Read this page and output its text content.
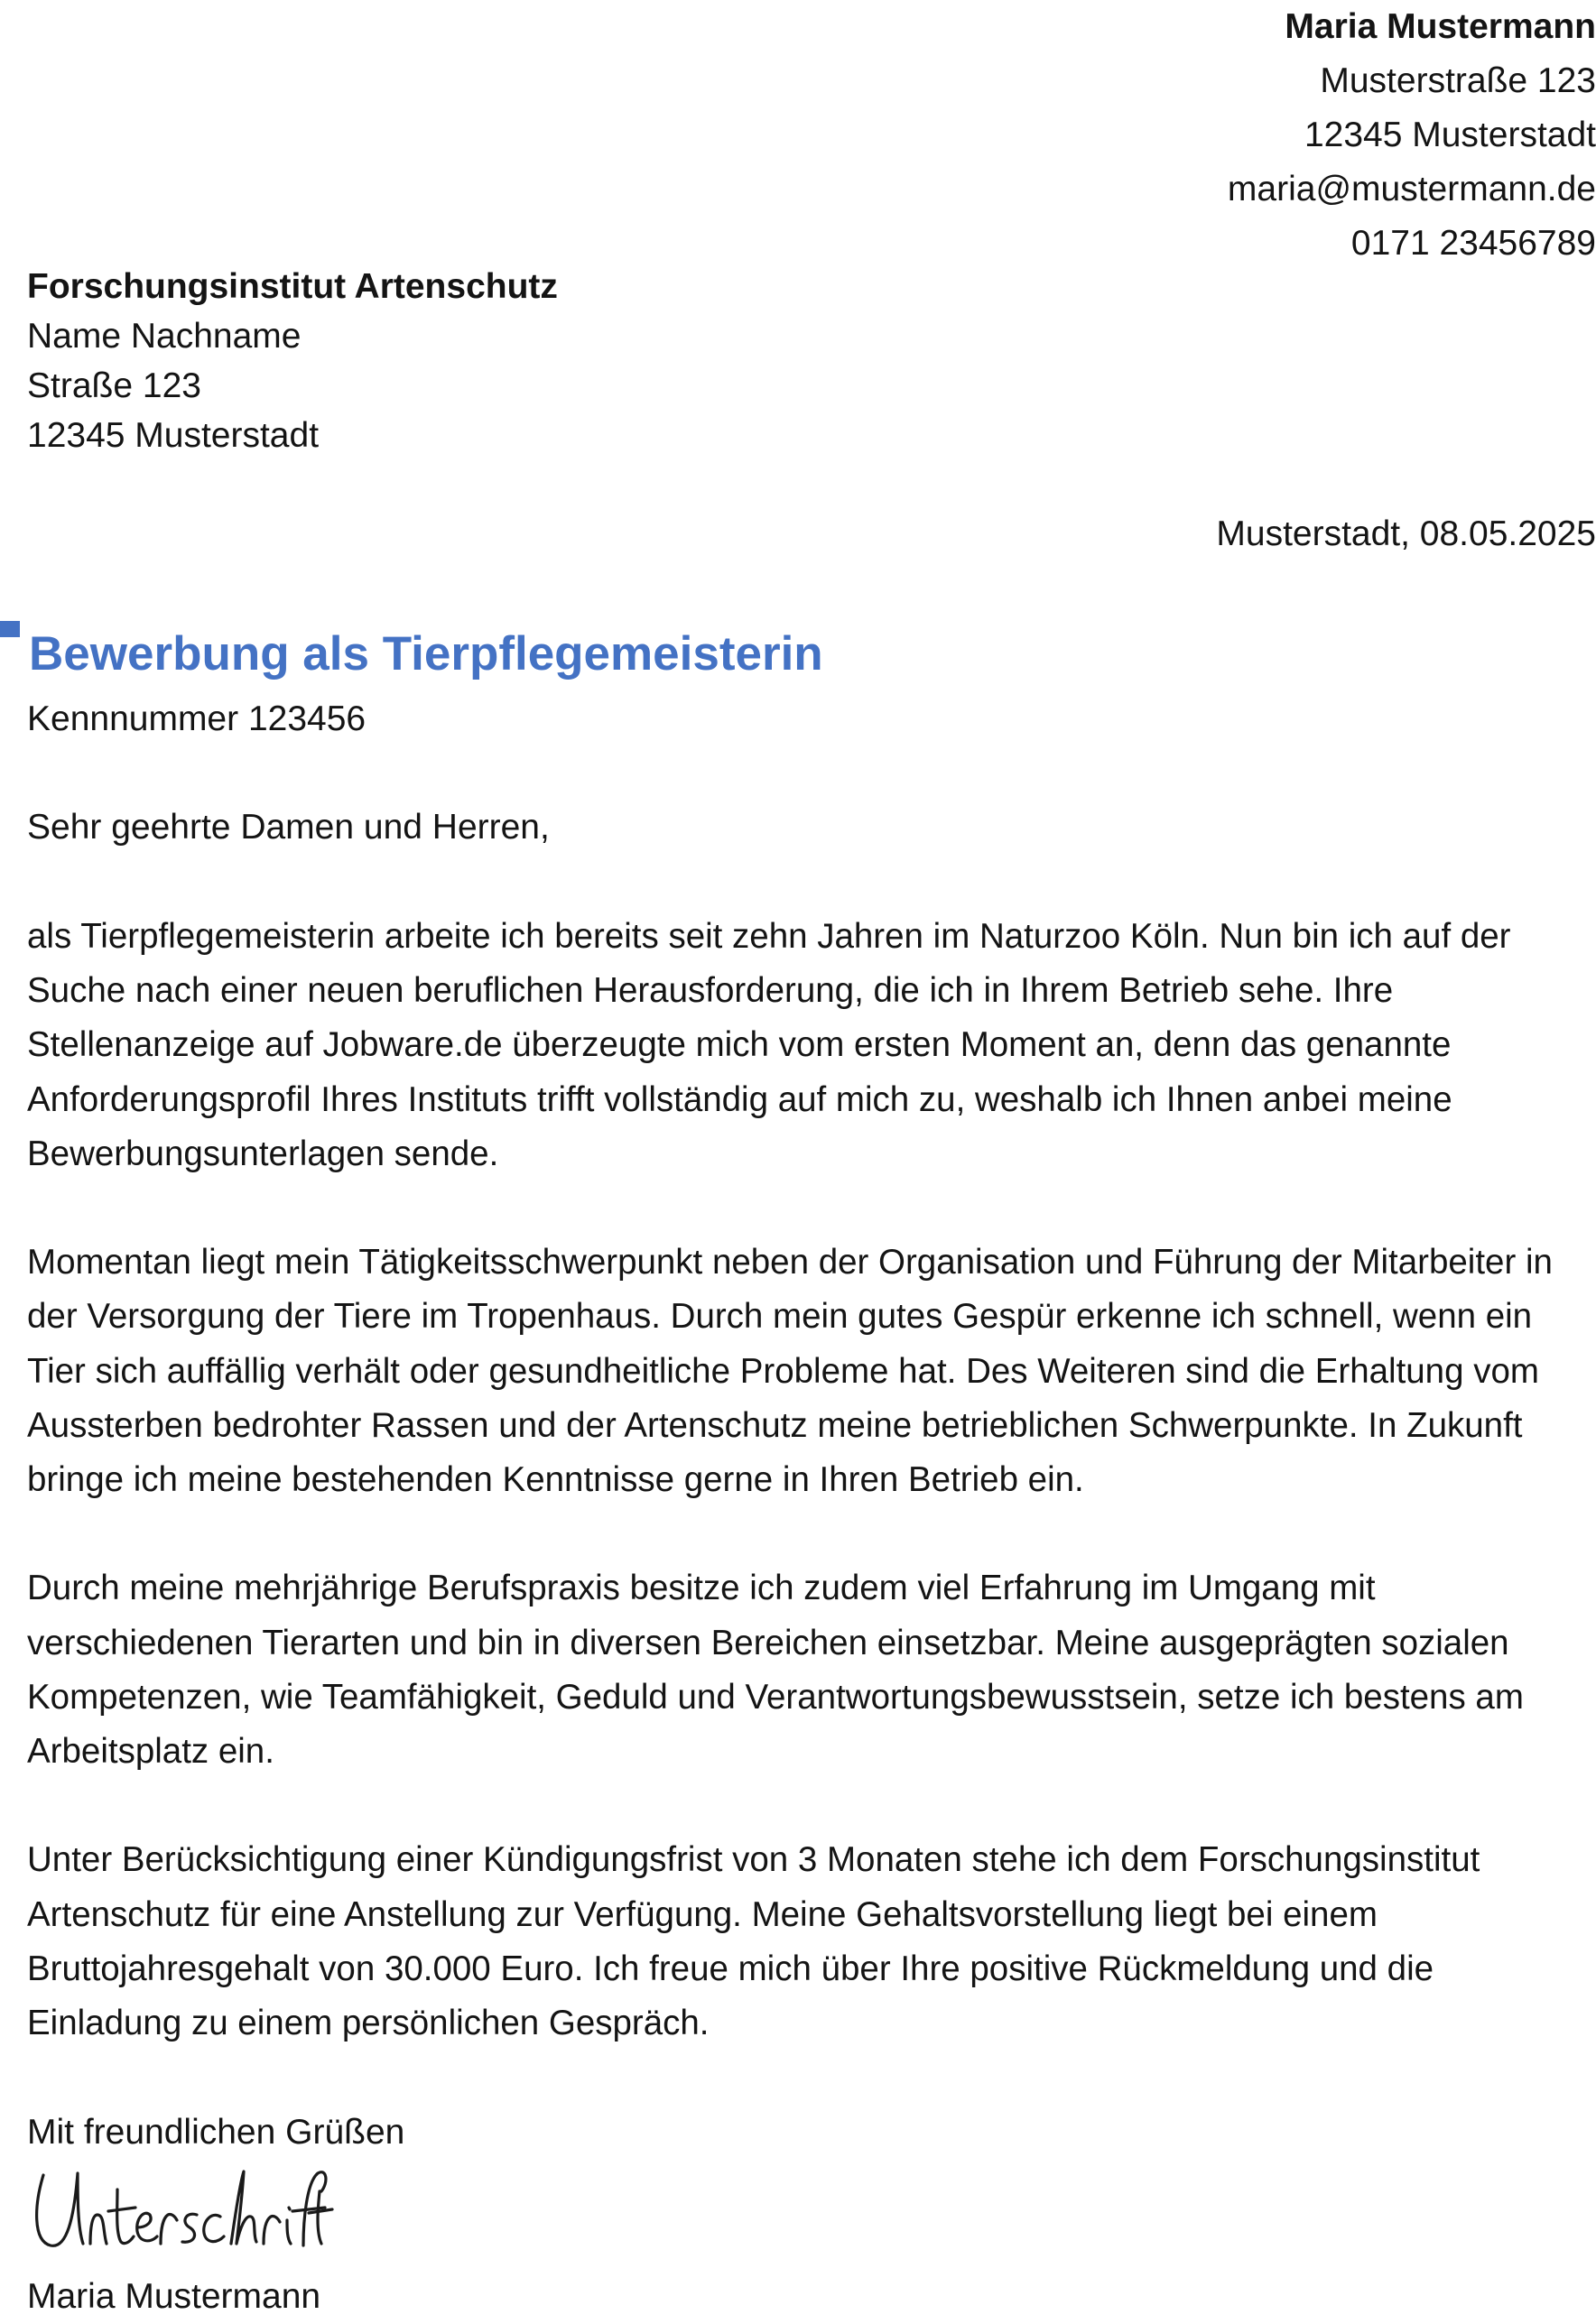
Maria Mustermann
Musterstraße 123
12345 Musterstadt
maria@mustermann.de
0171 23456789
Forschungsinstitut Artenschutz
Name Nachname
Straße 123
12345 Musterstadt
Musterstadt, 08.05.2025
Bewerbung als Tierpflegemeisterin
Kennnummer 123456
Sehr geehrte Damen und Herren,

als Tierpflegemeisterin arbeite ich bereits seit zehn Jahren im Naturzoo Köln. Nun bin ich auf der Suche nach einer neuen beruflichen Herausforderung, die ich in Ihrem Betrieb sehe. Ihre Stellenanzeige auf Jobware.de überzeugte mich vom ersten Moment an, denn das genannte Anforderungsprofil Ihres Instituts trifft vollständig auf mich zu, weshalb ich Ihnen anbei meine Bewerbungsunterlagen sende.

Momentan liegt mein Tätigkeitsschwerpunkt neben der Organisation und Führung der Mitarbeiter in der Versorgung der Tiere im Tropenhaus. Durch mein gutes Gespür erkenne ich schnell, wenn ein Tier sich auffällig verhält oder gesundheitliche Probleme hat. Des Weiteren sind die Erhaltung vom Aussterben bedrohter Rassen und der Artenschutz meine betrieblichen Schwerpunkte. In Zukunft bringe ich meine bestehenden Kenntnisse gerne in Ihren Betrieb ein.

Durch meine mehrjährige Berufspraxis besitze ich zudem viel Erfahrung im Umgang mit verschiedenen Tierarten und bin in diversen Bereichen einsetzbar. Meine ausgeprägten sozialen Kompetenzen, wie Teamfähigkeit, Geduld und Verantwortungsbewusstsein, setze ich bestens am Arbeitsplatz ein.

Unter Berücksichtigung einer Kündigungsfrist von 3 Monaten stehe ich dem Forschungsinstitut Artenschutz für eine Anstellung zur Verfügung. Meine Gehaltsvorstellung liegt bei einem Bruttojahresgehalt von 30.000 Euro. Ich freue mich über Ihre positive Rückmeldung und die Einladung zu einem persönlichen Gespräch.

Mit freundlichen Grüßen
Maria Mustermann
